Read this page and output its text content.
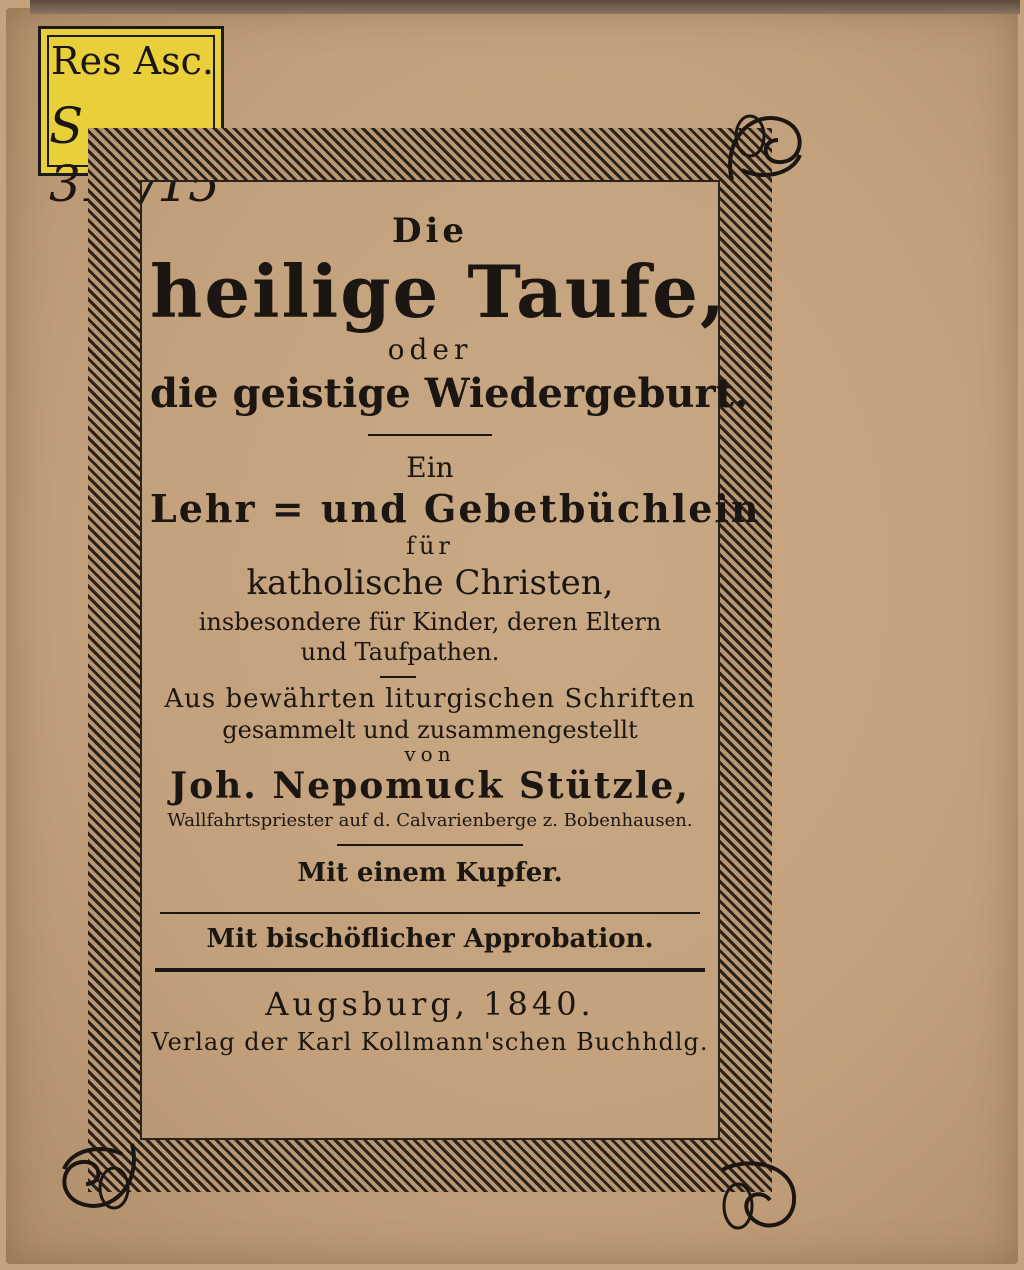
Res Asc.
S 319/15
Die
heilige Taufe,
oder
die geistige Wiedergeburt.
Ein
Lehr = und Gebetbüchlein
für
katholische Christen,
insbesondere für Kinder, deren Eltern
und Taufpathen.
Aus bewährten liturgischen Schriften
gesammelt und zusammengestellt
von
Joh. Nepomuck Stützle,
Wallfahrtspriester auf d. Calvarienberge z. Bobenhausen.
Mit einem Kupfer.
Mit bischöflicher Approbation.
Augsburg, 1840.
Verlag der Karl Kollmann'schen Buchhdlg.
